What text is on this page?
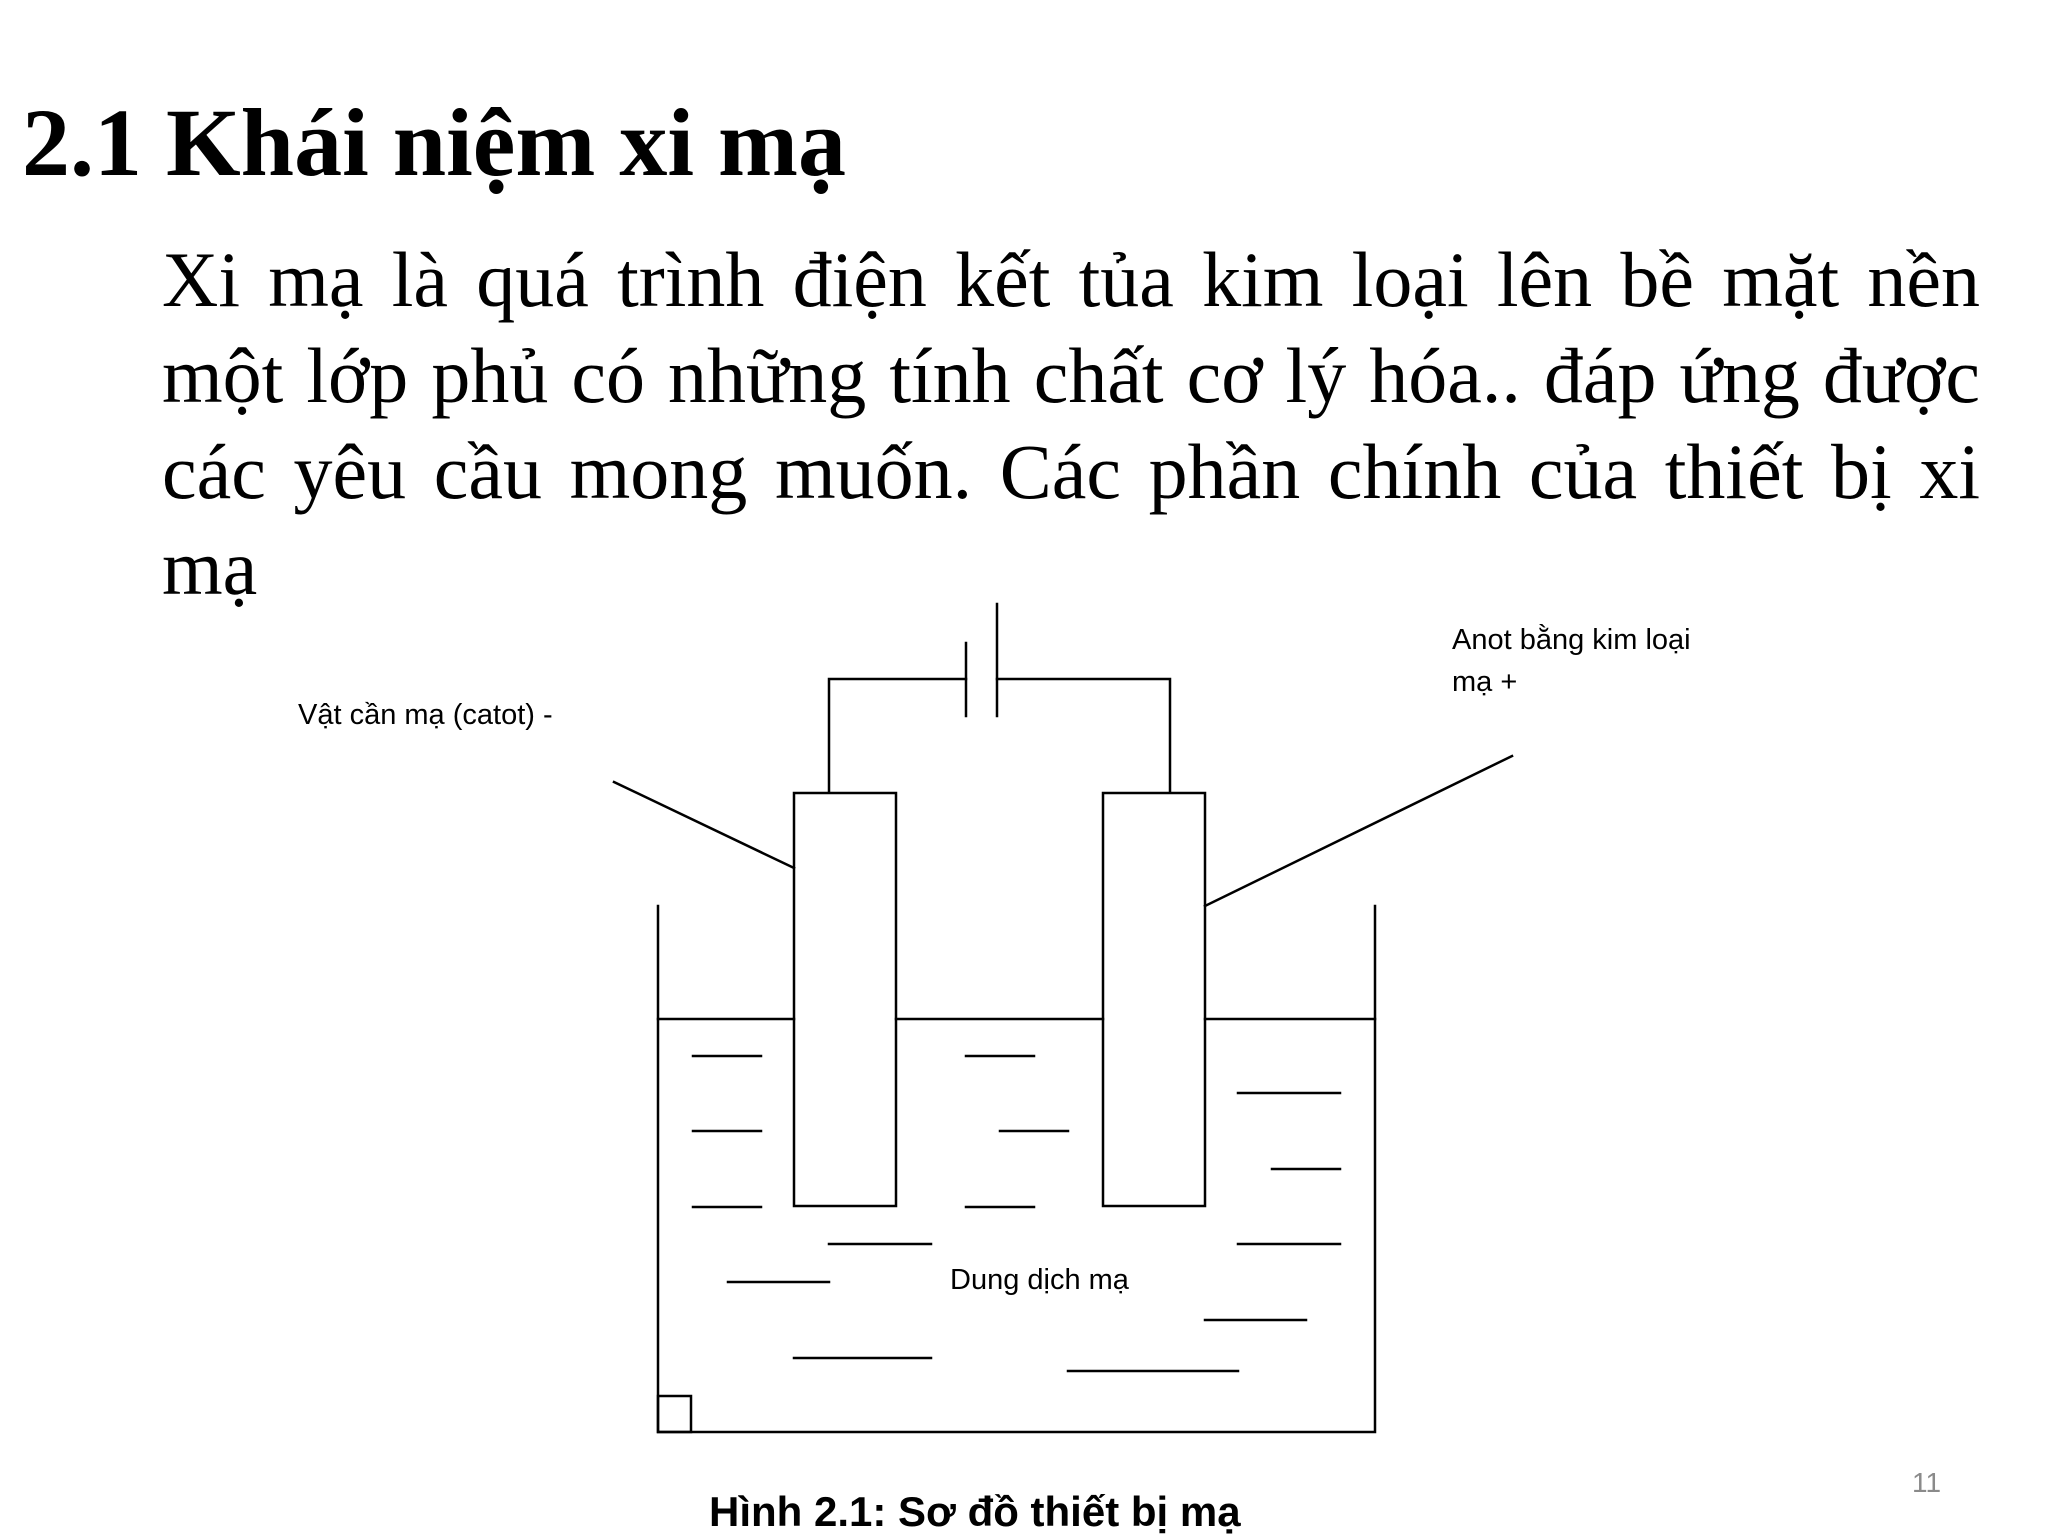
2.1 Khái niệm xi mạ

Xi mạ là quá trình điện kết tủa kim loại lên bề mặt nền một lớp phủ có những tính chất cơ lý hóa.. đáp ứng được các yêu cầu mong muốn. Các phần chính của thiết bị xi mạ

Vật cần mạ (catot) -
Anot bằng kim loại
mạ +
Dung dịch mạ
Hình 2.1: Sơ đồ thiết bị mạ
11
